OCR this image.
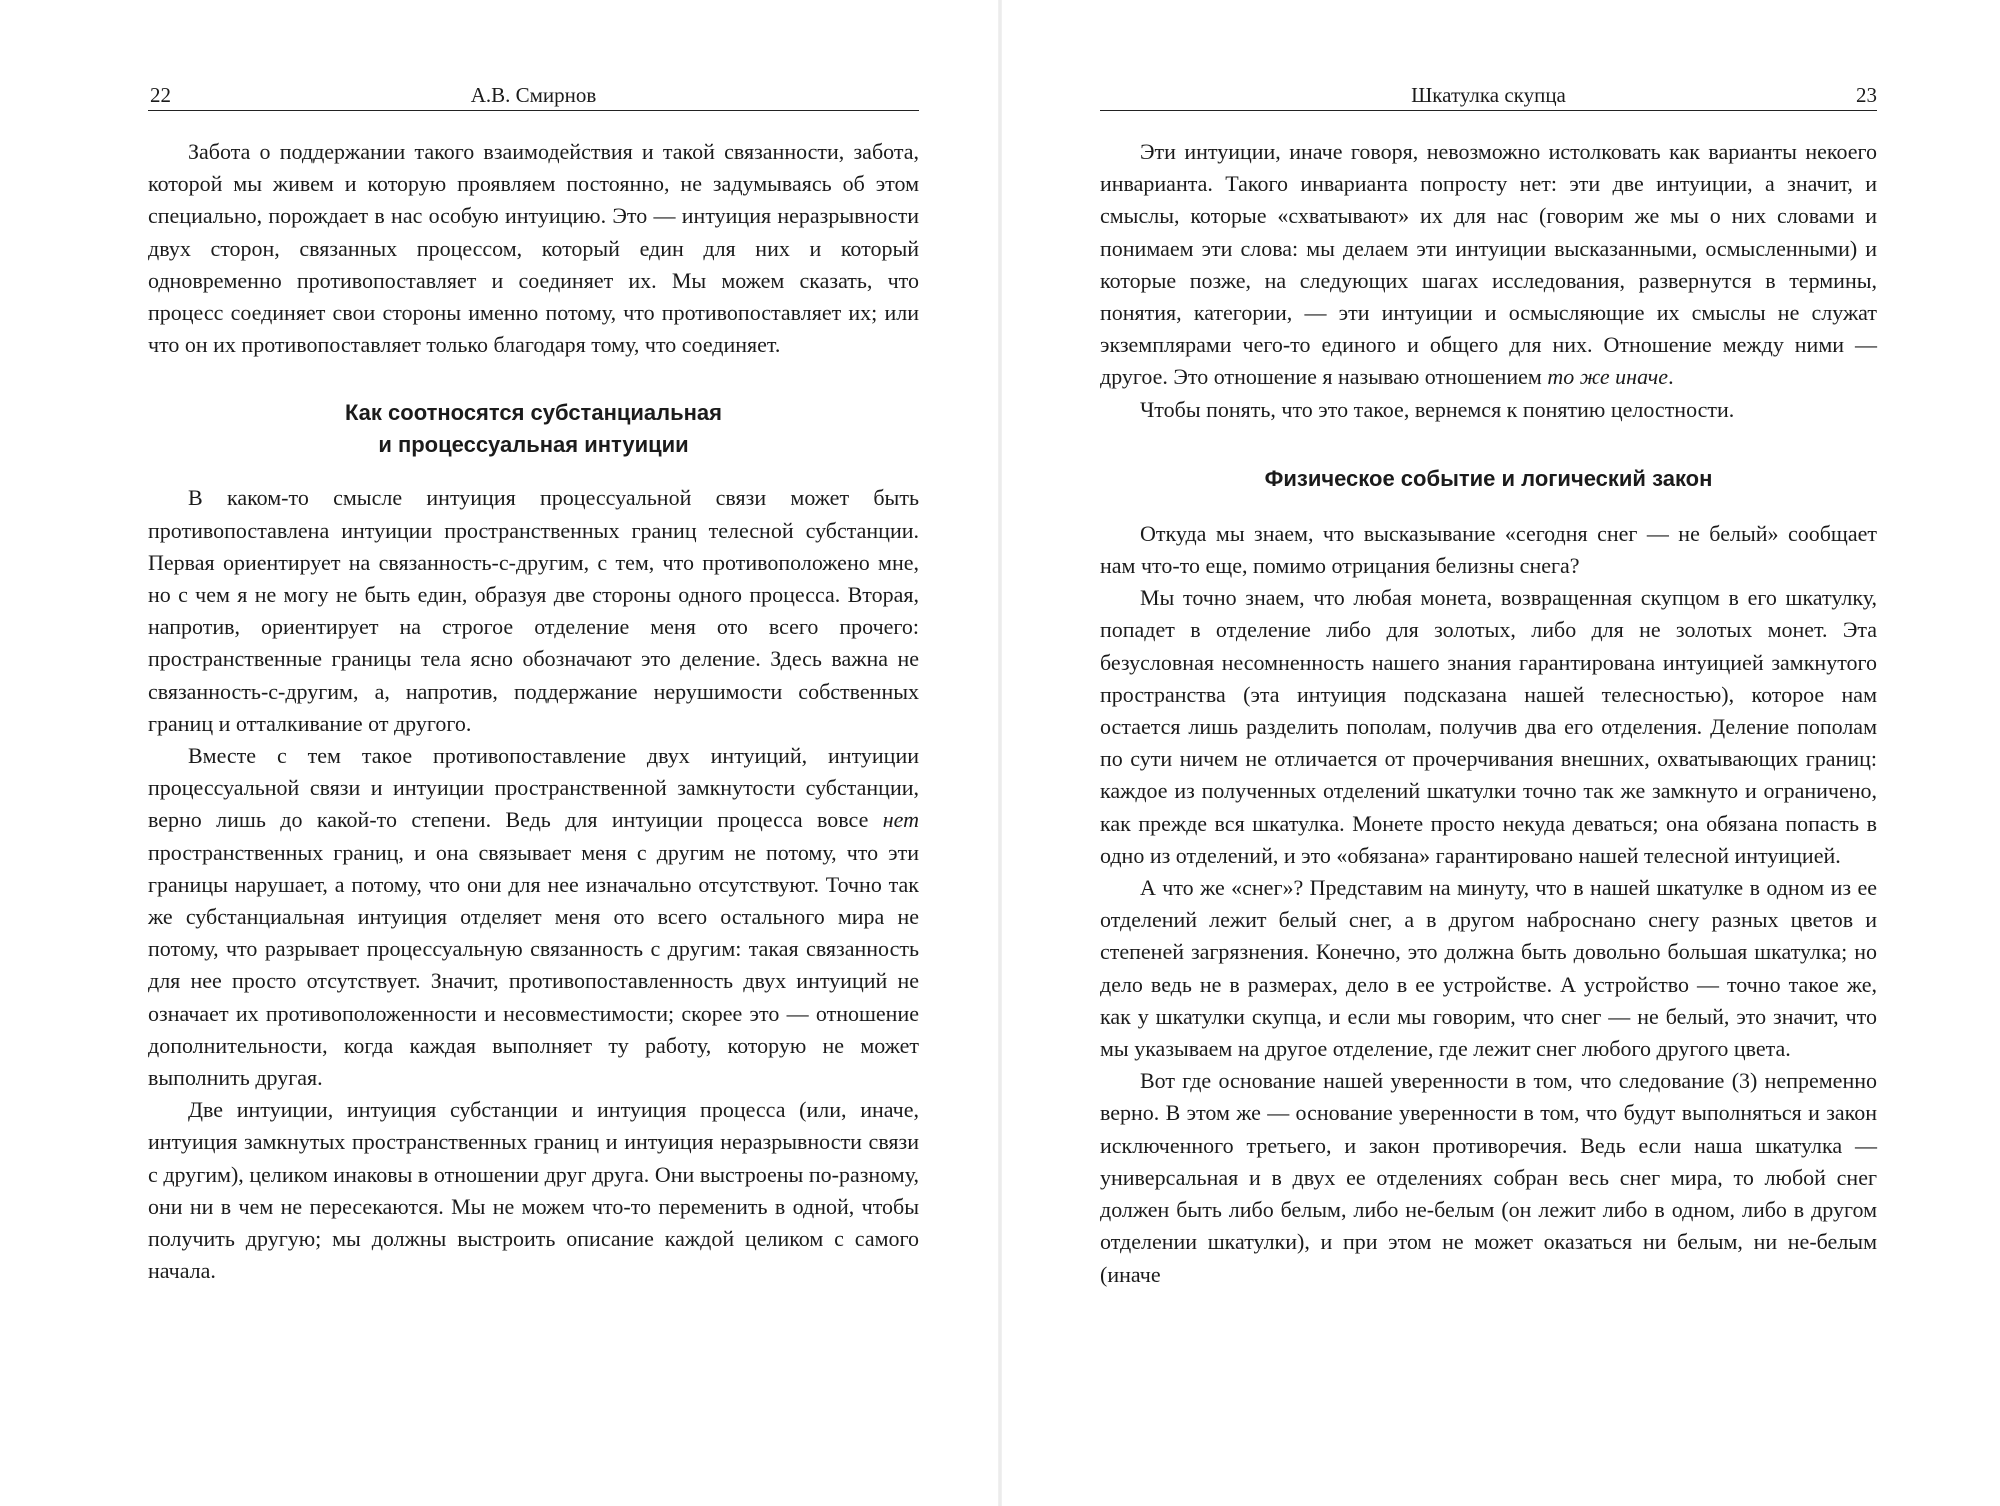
А.В. Смирнов
22

Забота о поддержании такого взаимодействия и такой связанности, забота, которой мы живем и которую проявляем постоянно, не задумываясь об этом специально, порождает в нас особую интуицию. Это — интуиция неразрывности двух сторон, связанных процессом, который един для них и который одновременно противопоставляет и соединяет их. Мы можем сказать, что процесс соединяет свои стороны именно потому, что противопоставляет их; или что он их противопоставляет только благодаря тому, что соединяет.

Как соотносятся субстанциальная
и процессуальная интуиции

В каком-то смысле интуиция процессуальной связи может быть противопоставлена интуиции пространственных границ телесной субстанции. Первая ориентирует на связанность-с-другим, с тем, что противоположено мне, но с чем я не могу не быть един, образуя две стороны одного процесса. Вторая, напротив, ориентирует на строгое отделение меня ото всего прочего: пространственные границы тела ясно обозначают это деление. Здесь важна не связанность-с-другим, а, напротив, поддержание нерушимости собственных границ и отталкивание от другого.

Вместе с тем такое противопоставление двух интуиций, интуиции процессуальной связи и интуиции пространственной замкнутости субстанции, верно лишь до какой-то степени. Ведь для интуиции процесса вовсе нет пространственных границ, и она связывает меня с другим не потому, что эти границы нарушает, а потому, что они для нее изначально отсутствуют. Точно так же субстанциальная интуиция отделяет меня ото всего остального мира не потому, что разрывает процессуальную связанность с другим: такая связанность для нее просто отсутствует. Значит, противопоставленность двух интуиций не означает их противоположенности и несовместимости; скорее это — отношение дополнительности, когда каждая выполняет ту работу, которую не может выполнить другая.

Две интуиции, интуиция субстанции и интуиция процесса (или, иначе, интуиция замкнутых пространственных границ и интуиция неразрывности связи с другим), целиком инаковы в отношении друг друга. Они выстроены по-разному, они ни в чем не пересекаются. Мы не можем что-то переменить в одной, чтобы получить другую; мы должны выстроить описание каждой целиком с самого начала.

Шкатулка скупца	23

Эти интуиции, иначе говоря, невозможно истолковать как варианты некоего инварианта. Такого инварианта попросту нет: эти две интуиции, а значит, и смыслы, которые «схватывают» их для нас (говорим же мы о них словами и понимаем эти слова: мы делаем эти интуиции высказанными, осмысленными) и которые позже, на следующих шагах исследования, развернутся в термины, понятия, категории, — эти интуиции и осмысляющие их смыслы не служат экземплярами чего-то единого и общего для них. Отношение между ними — другое. Это отношение я называю отношением то же иначе.

Чтобы понять, что это такое, вернемся к понятию целостности.

Физическое событие и логический закон

Откуда мы знаем, что высказывание «сегодня снег — не белый» сообщает нам что-то еще, помимо отрицания белизны снега?

Мы точно знаем, что любая монета, возвращенная скупцом в его шкатулку, попадет в отделение либо для золотых, либо для не золотых монет. Эта безусловная несомненность нашего знания гарантирована интуицией замкнутого пространства (эта интуиция подсказана нашей телесностью), которое нам остается лишь разделить пополам, получив два его отделения. Деление пополам по сути ничем не отличается от прочерчивания внешних, охватывающих границ: каждое из полученных отделений шкатулки точно так же замкнуто и ограничено, как прежде вся шкатулка. Монете просто некуда деваться; она обязана попасть в одно из отделений, и это «обязана» гарантировано нашей телесной интуицией.

А что же «снег»? Представим на минуту, что в нашей шкатулке в одном из ее отделений лежит белый снег, а в другом наброснано снегу разных цветов и степеней загрязнения. Конечно, это должна быть довольно большая шкатулка; но дело ведь не в размерах, дело в ее устройстве. А устройство — точно такое же, как у шкатулки скупца, и если мы говорим, что снег — не белый, это значит, что мы указываем на другое отделение, где лежит снег любого другого цвета.

Вот где основание нашей уверенности в том, что следование (3) непременно верно. В этом же — основание уверенности в том, что будут выполняться и закон исключенного третьего, и закон противоречия. Ведь если наша шкатулка — универсальная и в двух ее отделениях собран весь снег мира, то любой снег должен быть либо белым, либо не-белым (он лежит либо в одном, либо в другом отделении шкатулки), и при этом не может оказаться ни белым, ни не-белым (иначе
